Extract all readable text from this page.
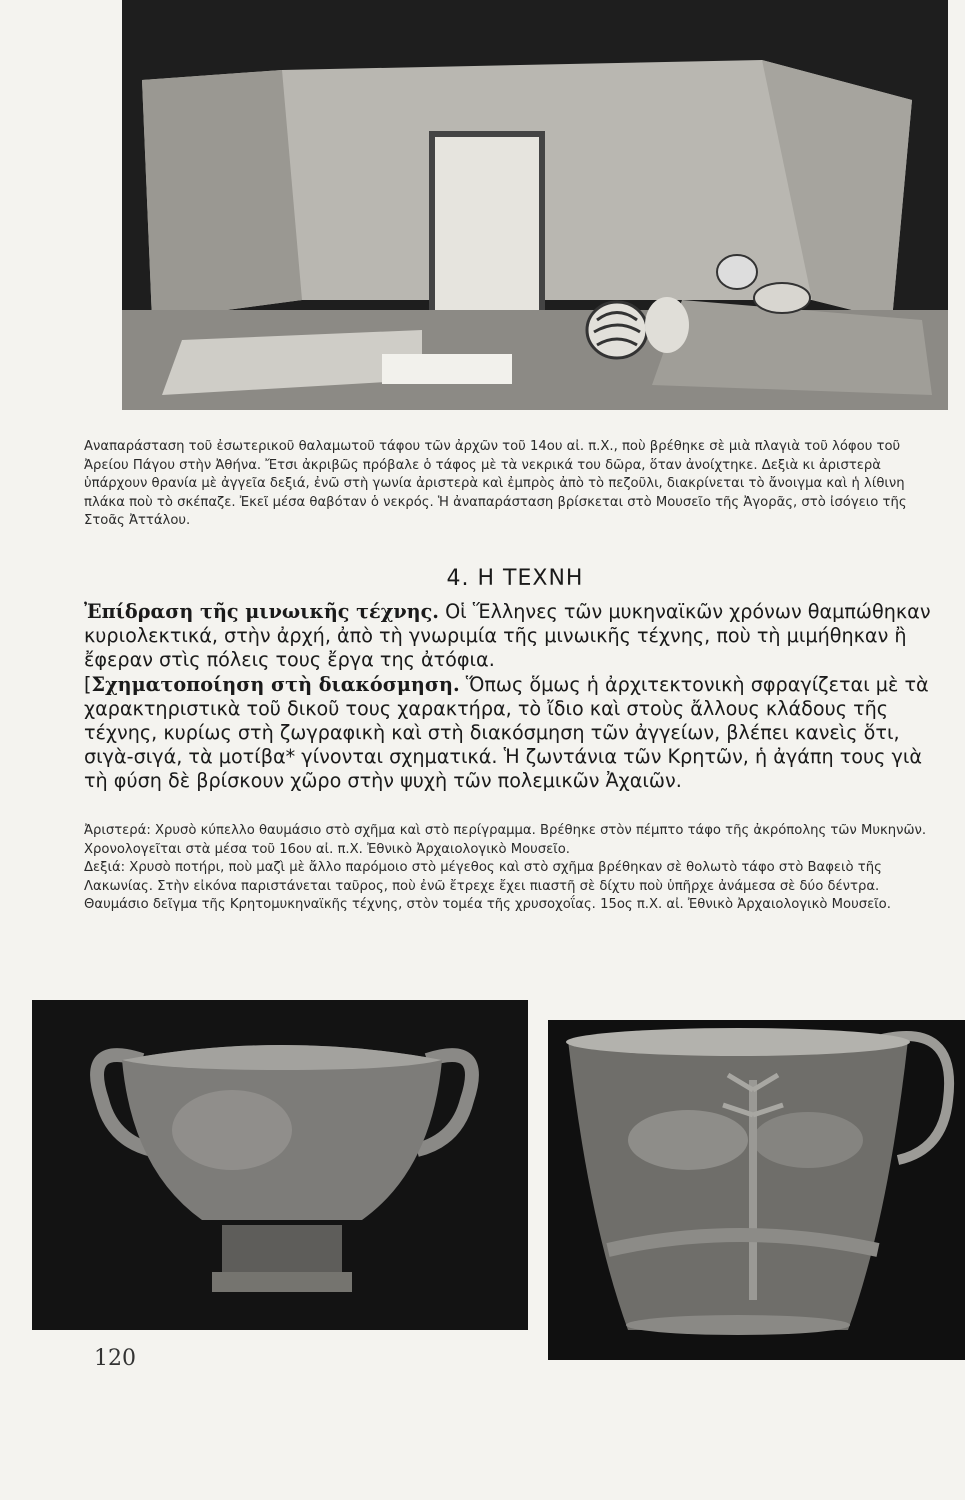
Αναπαράσταση τοῦ ἐσωτερικοῦ θαλαμωτοῦ τάφου τῶν ἀρχῶν τοῦ 14ου αἰ. π.Χ., ποὺ βρέθηκε σὲ μιὰ πλαγιὰ τοῦ λόφου τοῦ Ἀρείου Πάγου στὴν Ἀθήνα. Ἔτσι ἀκριβῶς πρόβαλε ὁ τάφος μὲ τὰ νεκρικά του δῶρα, ὅταν ἀνοίχτηκε. Δεξιὰ κι ἀριστερὰ ὑπάρχουν θρανία μὲ ἀγγεῖα δεξιά, ἐνῶ στὴ γωνία ἀριστερὰ καὶ ἐμπρὸς ἀπὸ τὸ πεζοῦλι, διακρίνεται τὸ ἄνοιγμα καὶ ἡ λίθινη πλάκα ποὺ τὸ σκέπαζε. Ἐκεῖ μέσα θαβόταν ὁ νεκρός. Ἡ ἀναπαράσταση βρίσκεται στὸ Μουσεῖο τῆς Ἀγορᾶς, στὸ ἰσόγειο τῆς Στοᾶς Ἀττάλου.
4. Η ΤΕΧΝΗ

Ἐπίδραση τῆς μινωικῆς τέχνης. Οἱ Ἕλληνες τῶν μυκηναϊκῶν χρόνων θαμπώθηκαν κυριολεκτικά, στὴν ἀρχή, ἀπὸ τὴ γνωριμία τῆς μινωικῆς τέχνης, ποὺ τὴ μιμήθηκαν ἢ ἔφεραν στὶς πόλεις τους ἔργα της ἀτόφια.

[Σχηματοποίηση στὴ διακόσμηση. Ὅπως ὅμως ἡ ἀρχιτεκτονικὴ σφραγίζεται μὲ τὰ χαρακτηριστικὰ τοῦ δικοῦ τους χαρακτήρα, τὸ ἴδιο καὶ στοὺς ἄλλους κλάδους τῆς τέχνης, κυρίως στὴ ζωγραφικὴ καὶ στὴ διακόσμηση τῶν ἀγγείων, βλέπει κανεὶς ὅτι, σιγὰ-σιγά, τὰ μοτίβα* γίνονται σχηματικά. Ἡ ζωντάνια τῶν Κρητῶν, ἡ ἀγάπη τους γιὰ τὴ φύση δὲ βρίσκουν χῶρο στὴν ψυχὴ τῶν πολεμικῶν Ἀχαιῶν.

Ἀριστερά: Χρυσὸ κύπελλο θαυμάσιο στὸ σχῆμα καὶ στὸ περίγραμμα. Βρέθηκε στὸν πέμπτο τάφο τῆς ἀκρόπολης τῶν Μυκηνῶν. Χρονολογεῖται στὰ μέσα τοῦ 16ου αἰ. π.Χ. Ἐθνικὸ Ἀρχαιολογικὸ Μουσεῖο.

Δεξιά: Χρυσὸ ποτήρι, ποὺ μαζὶ μὲ ἄλλο παρόμοιο στὸ μέγεθος καὶ στὸ σχῆμα βρέθηκαν σὲ θολωτὸ τάφο στὸ Βαφειὸ τῆς Λακωνίας. Στὴν εἰκόνα παριστάνεται ταῦρος, ποὺ ἐνῶ ἔτρεχε ἔχει πιαστῆ σὲ δίχτυ ποὺ ὑπῆρχε ἀνάμεσα σὲ δύο δέντρα. Θαυμάσιο δεῖγμα τῆς Κρητομυκηναϊκῆς τέχνης, στὸν τομέα τῆς χρυσοχοΐας. 15ος π.Χ. αἰ. Ἐθνικὸ Ἀρχαιολογικὸ Μουσεῖο.

120
